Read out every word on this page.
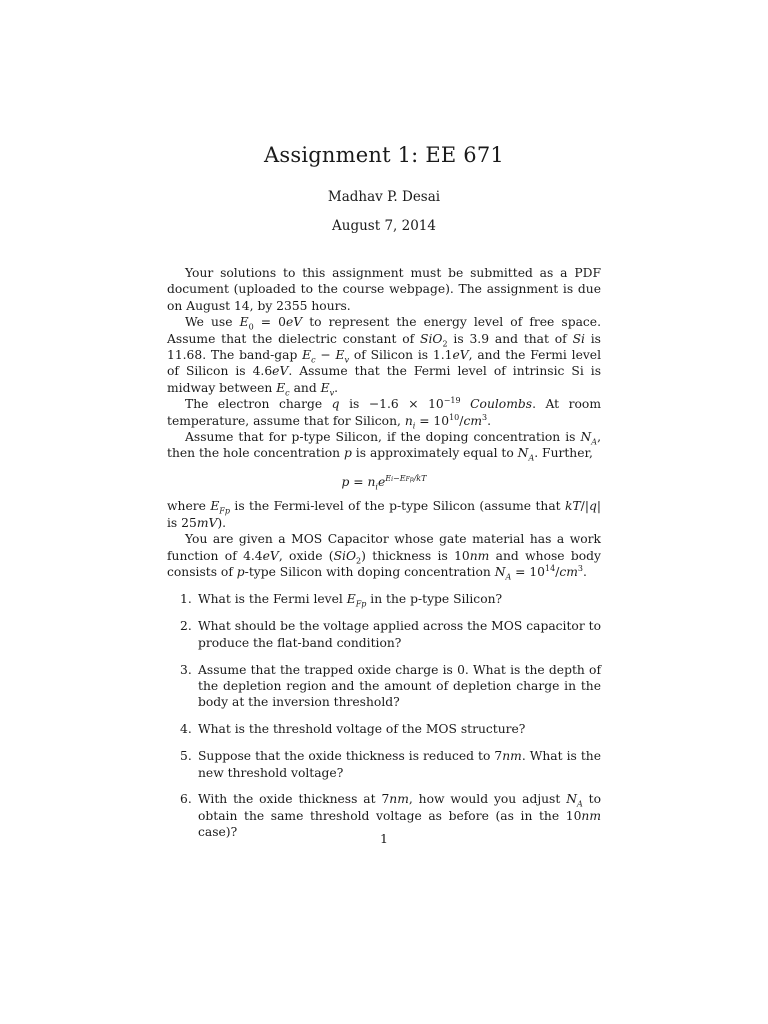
Assignment 1: EE 671
Madhav P. Desai
August 7, 2014

Your solutions to this assignment must be submitted as a PDF document (uploaded to the course webpage). The assignment is due on August 14, by 2355 hours.

We use $E_0 = 0eV$ to represent the energy level of free space. Assume that the dielectric constant of SiO$_2$ is 3.9 and that of Si is 11.68. The band-gap $E_c - E_v$ of Silicon is 1.1eV, and the Fermi level of Silicon is 4.6eV. Assume that the Fermi level of intrinsic Si is midway between $E_c$ and $E_v$.

The electron charge q is $-1.6 \times 10^{-19}$ Coulombs. At room temperature, assume that for Silicon, $n_i = 10^{10}/cm^3$.

Assume that for p-type Silicon, if the doping concentration is $N_A$, then the hole concentration p is approximately equal to $N_A$. Further,

$p = n_ie^{Ei-EFp/kT}$

where $E_{Fp}$ is the Fermi-level of the p-type Silicon (assume that kT/|q| is 25mV).

You are given a MOS Capacitor whose gate material has a work function of 4.4eV, oxide (SiO$_2$) thickness is 10nm and whose body consists of p-type Silicon with doping concentration $N_A = 10^{14}/cm^3$.

1. What is the Fermi level $E_{Fp}$ in the p-type Silicon?
2. What should be the voltage applied across the MOS capacitor to produce the flat-band condition?
3. Assume that the trapped oxide charge is 0. What is the depth of the depletion region and the amount of depletion charge in the body at the inversion threshold?
4. What is the threshold voltage of the MOS structure?
5. Suppose that the oxide thickness is reduced to 7nm. What is the new threshold voltage?
6. With the oxide thickness at 7nm, how would you adjust $N_A$ to obtain the same threshold voltage as before (as in the 10nm case)?	1
